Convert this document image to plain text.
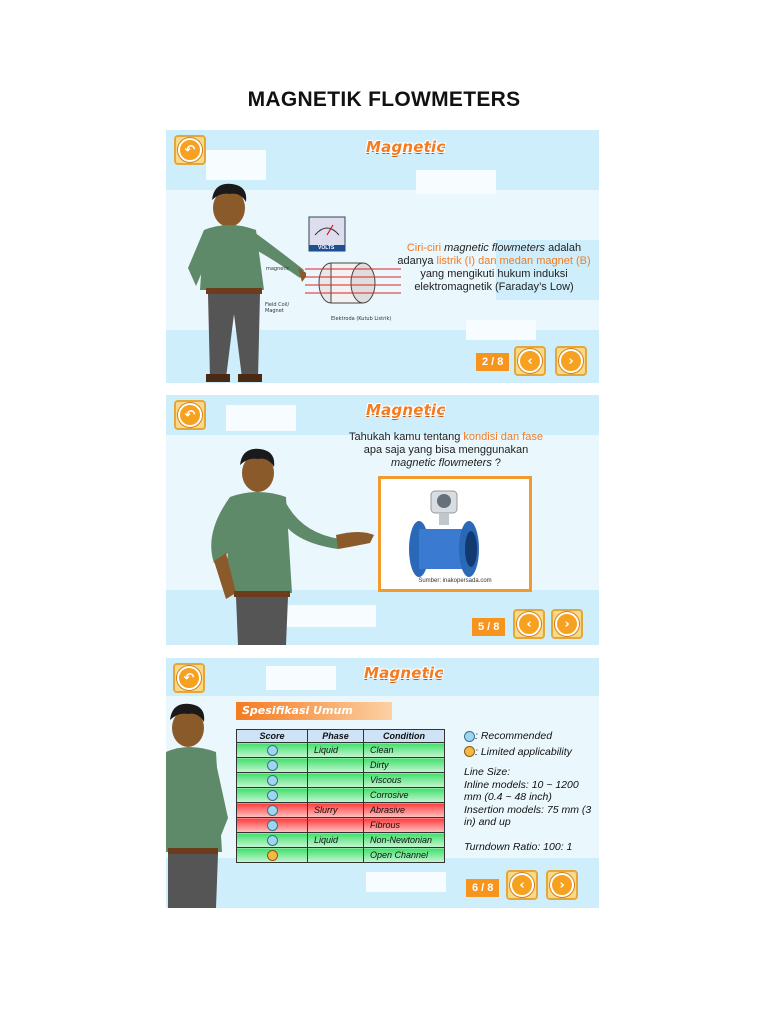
MAGNETIK FLOWMETERS
↶	Magnetic
VOLTS
magnetic
Field Coil/ Magnet
Elektroda (Kutub Listrik)
Ciri-ciri magnetic flowmeters adalah
adanya listrik (I) dan medan magnet (B)
yang mengikuti hukum induksi
elektromagnetik (Faraday’s Low)
2 / 8	‹	›
↶	Magnetic
Tahukah kamu tentang kondisi dan fase
apa saja yang bisa menggunakan
magnetic flowmeters ?
Sumber: inakopersada.com
5 / 8	‹	›
↶	Magnetic
Spesifikasi Umum
Score	Phase	Condition
	Liquid	Clean
		Dirty
		Viscous
		Corrosive
	Slurry	Abrasive
		Fibrous
	Liquid	Non-Newtonian
		Open Channel
: Recommended
: Limited applicability
Line Size:
Inline models: 10 ~ 1200 mm (0.4 ~ 48 inch)
Insertion models: 75 mm (3 in) and up
Turndown Ratio: 100: 1
6 / 8	‹	›
